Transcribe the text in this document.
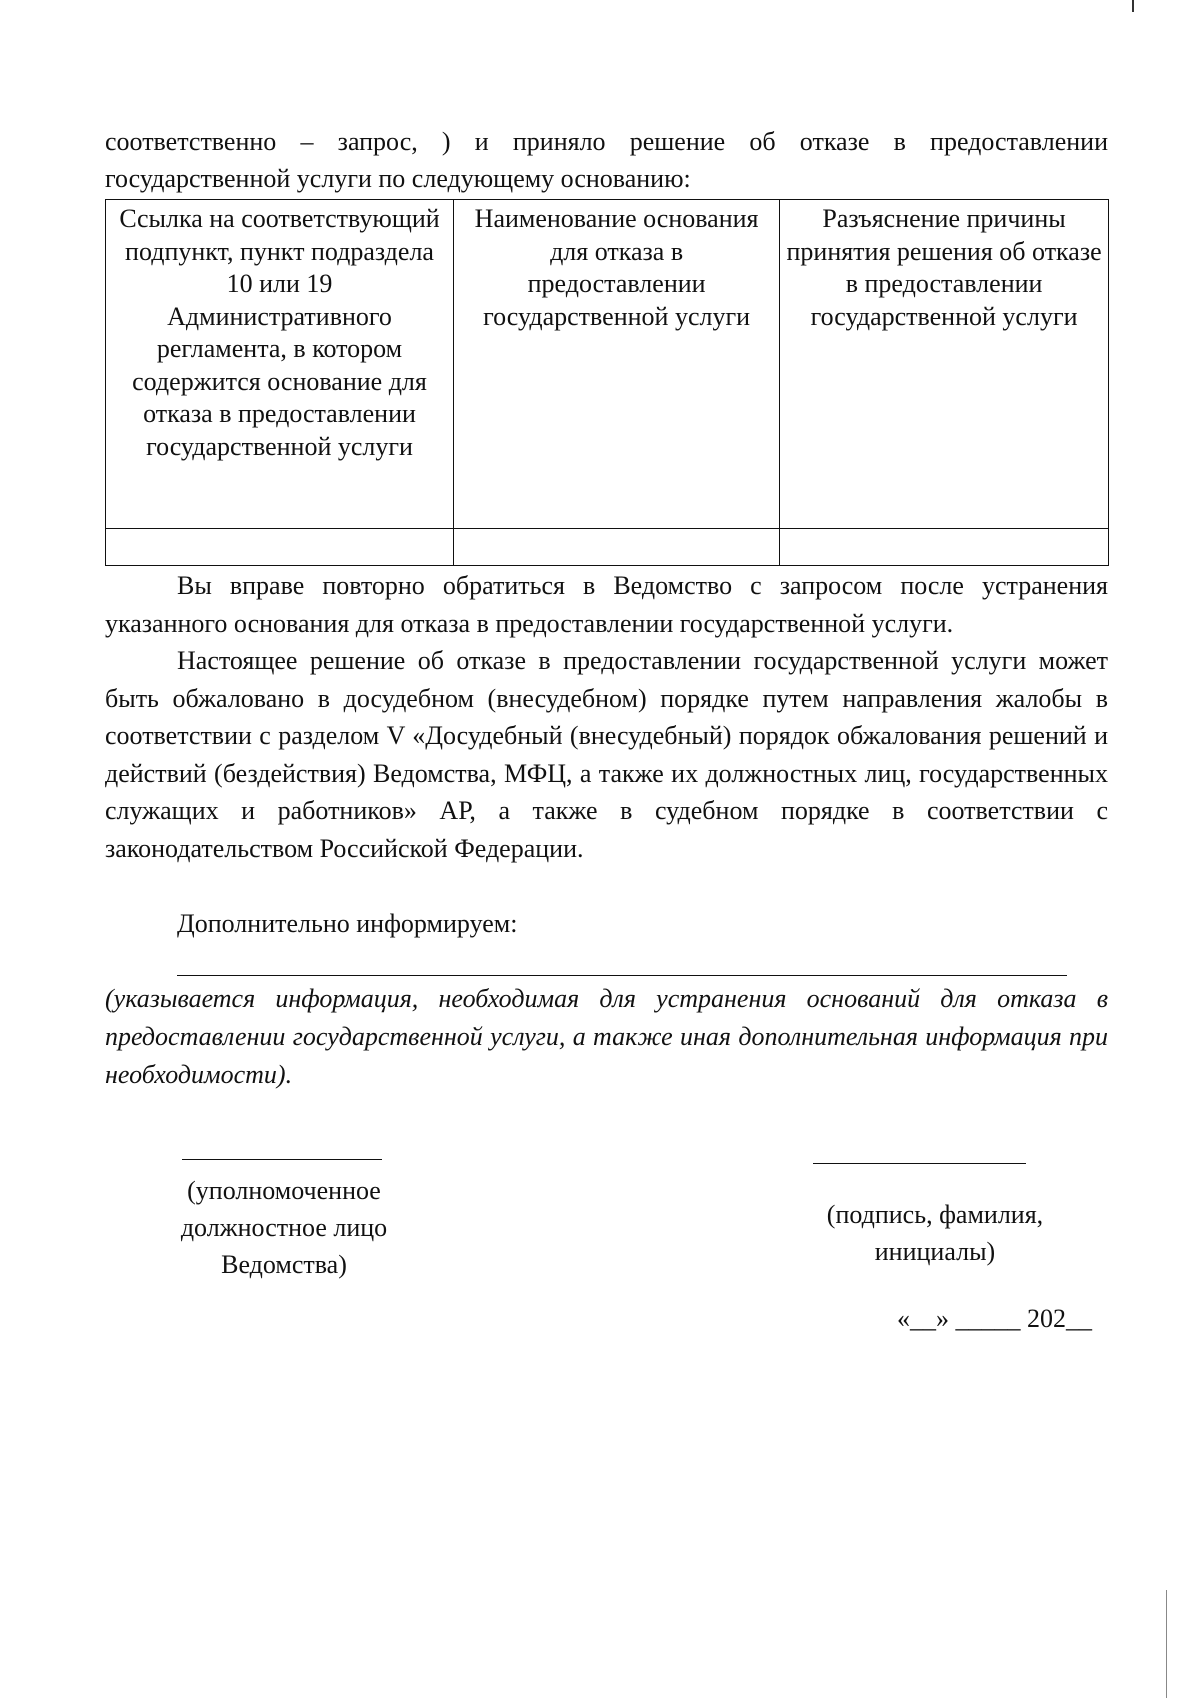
соответственно – запрос, ) и приняло решение об отказе в предоставлении
государственной услуги по следующему основанию:
Ссылка на соответствующий подпункт, пункт подраздела 10 или 19 Административного регламента, в котором содержится основание для отказа в предоставлении государственной услуги	Наименование основания для отказа в предоставлении государственной услуги	Разъяснение причины принятия решения об отказе в предоставлении государственной услуги

Вы вправе повторно обратиться в Ведомство с запросом после устранения указанного основания для отказа в предоставлении государственной услуги.

Настоящее решение об отказе в предоставлении государственной услуги может быть обжаловано в досудебном (внесудебном) порядке путем направления жалобы в соответствии с разделом V «Досудебный (внесудебный) порядок обжалования решений и действий (бездействия) Ведомства, МФЦ, а также их должностных лиц, государственных служащих и работников» АР, а также в судебном порядке в соответствии с законодательством Российской Федерации.

Дополнительно информируем:
(указывается информация, необходимая для устранения оснований для отказа в предоставлении государственной услуги, а также иная дополнительная информация при необходимости).
(уполномоченное
должностное лицо
Ведомства)
(подпись, фамилия,
инициалы)
«__» _____ 202__
